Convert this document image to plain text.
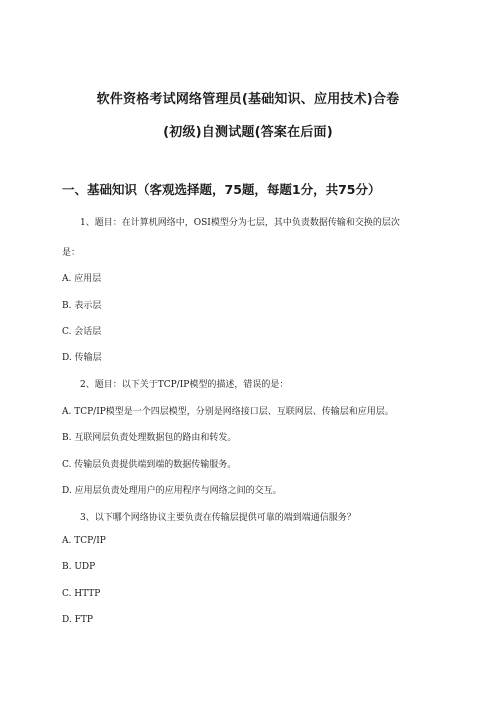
软件资格考试网络管理员(基础知识、应用技术)合卷
(初级)自测试题(答案在后面)
一、基础知识（客观选择题，75题，每题1分，共75分）
1、题目：在计算机网络中，OSI模型分为七层，其中负责数据传输和交换的层次
是：
A. 应用层
B. 表示层
C. 会话层
D. 传输层
2、题目：以下关于TCP/IP模型的描述，错误的是：
A. TCP/IP模型是一个四层模型，分别是网络接口层、互联网层、传输层和应用层。
B. 互联网层负责处理数据包的路由和转发。
C. 传输层负责提供端到端的数据传输服务。
D. 应用层负责处理用户的应用程序与网络之间的交互。
3、以下哪个网络协议主要负责在传输层提供可靠的端到端通信服务？
A. TCP/IP
B. UDP
C. HTTP
D. FTP
